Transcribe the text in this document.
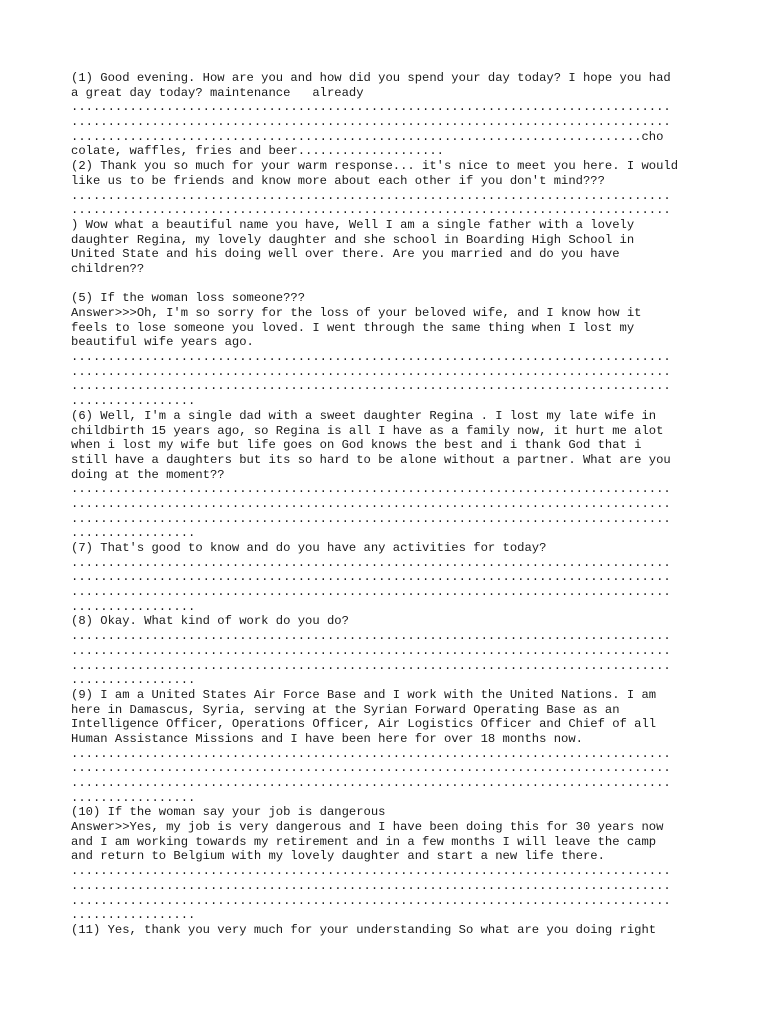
(1) Good evening. How are you and how did you spend your day today? I hope you had
a great day today? maintenance   already
..................................................................................
..................................................................................
..............................................................................cho
colate, waffles, fries and beer....................
(2) Thank you so much for your warm response... it's nice to meet you here. I would
like us to be friends and know more about each other if you don't mind???
..................................................................................
..................................................................................
) Wow what a beautiful name you have, Well I am a single father with a lovely
daughter Regina, my lovely daughter and she school in Boarding High School in
United State and his doing well over there. Are you married and do you have
children??
(5) If the woman loss someone???
Answer>>>Oh, I'm so sorry for the loss of your beloved wife, and I know how it
feels to lose someone you loved. I went through the same thing when I lost my
beautiful wife years ago.
..................................................................................
..................................................................................
..................................................................................
.................
(6) Well, I'm a single dad with a sweet daughter Regina . I lost my late wife in
childbirth 15 years ago, so Regina is all I have as a family now, it hurt me alot
when i lost my wife but life goes on God knows the best and i thank God that i
still have a daughters but its so hard to be alone without a partner. What are you
doing at the moment??
..................................................................................
..................................................................................
..................................................................................
.................
(7) That's good to know and do you have any activities for today?
..................................................................................
..................................................................................
..................................................................................
.................
(8) Okay. What kind of work do you do?
..................................................................................
..................................................................................
..................................................................................
.................
(9) I am a United States Air Force Base and I work with the United Nations. I am
here in Damascus, Syria, serving at the Syrian Forward Operating Base as an
Intelligence Officer, Operations Officer, Air Logistics Officer and Chief of all
Human Assistance Missions and I have been here for over 18 months now.
..................................................................................
..................................................................................
..................................................................................
.................
(10) If the woman say your job is dangerous
Answer>>Yes, my job is very dangerous and I have been doing this for 30 years now
and I am working towards my retirement and in a few months I will leave the camp
and return to Belgium with my lovely daughter and start a new life there.
..................................................................................
..................................................................................
..................................................................................
.................
(11) Yes, thank you very much for your understanding So what are you doing right
